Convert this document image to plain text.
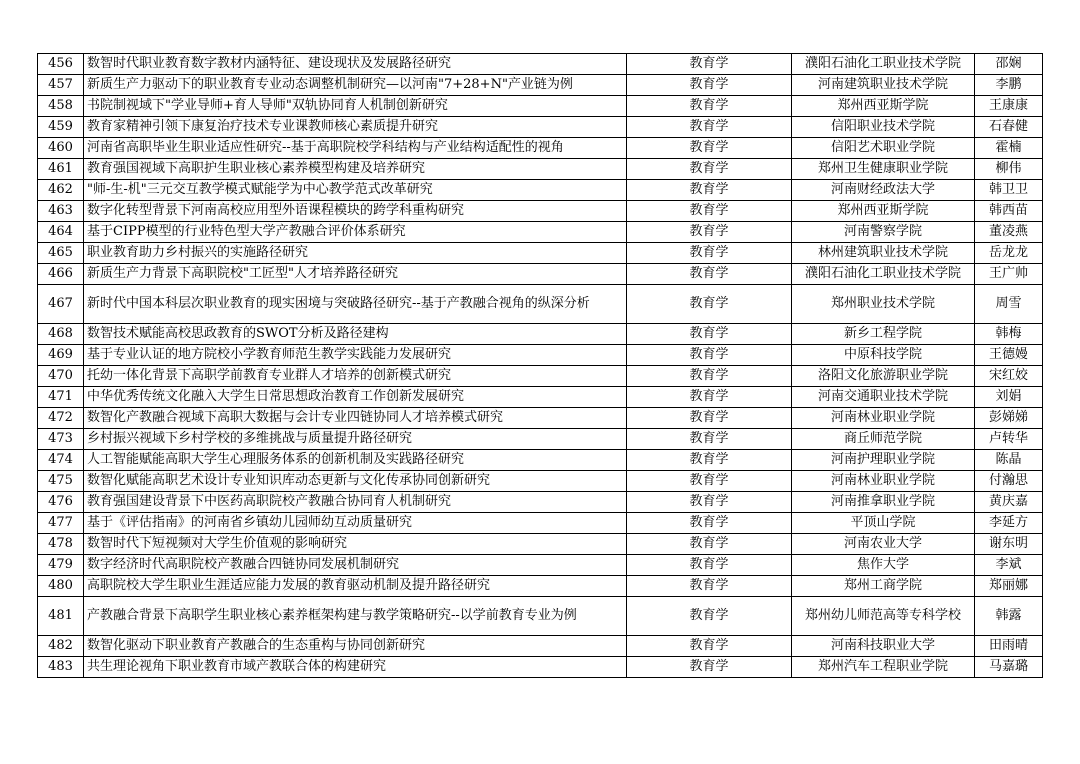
456	数智时代职业教育数字教材内涵特征、建设现状及发展路径研究	教育学	濮阳石油化工职业技术学院	邵娴
457	新质生产力驱动下的职业教育专业动态调整机制研究—以河南"7+28+N"产业链为例	教育学	河南建筑职业技术学院	李鹏
458	书院制视域下"学业导师+育人导师"双轨协同育人机制创新研究	教育学	郑州西亚斯学院	王康康
459	教育家精神引领下康复治疗技术专业课教师核心素质提升研究	教育学	信阳职业技术学院	石春健
460	河南省高职毕业生职业适应性研究--基于高职院校学科结构与产业结构适配性的视角	教育学	信阳艺术职业学院	霍楠
461	教育强国视域下高职护生职业核心素养模型构建及培养研究	教育学	郑州卫生健康职业学院	柳伟
462	"师-生-机"三元交互教学模式赋能学为中心教学范式改革研究	教育学	河南财经政法大学	韩卫卫
463	数字化转型背景下河南高校应用型外语课程模块的跨学科重构研究	教育学	郑州西亚斯学院	韩西苗
464	基于CIPP模型的行业特色型大学产教融合评价体系研究	教育学	河南警察学院	董凌燕
465	职业教育助力乡村振兴的实施路径研究	教育学	林州建筑职业技术学院	岳龙龙
466	新质生产力背景下高职院校"工匠型"人才培养路径研究	教育学	濮阳石油化工职业技术学院	王广帅
467	新时代中国本科层次职业教育的现实困境与突破路径研究--基于产教融合视角的纵深分析	教育学	郑州职业技术学院	周雪
468	数智技术赋能高校思政教育的SWOT分析及路径建构	教育学	新乡工程学院	韩梅
469	基于专业认证的地方院校小学教育师范生教学实践能力发展研究	教育学	中原科技学院	王德嫚
470	托幼一体化背景下高职学前教育专业群人才培养的创新模式研究	教育学	洛阳文化旅游职业学院	宋红姣
471	中华优秀传统文化融入大学生日常思想政治教育工作创新发展研究	教育学	河南交通职业技术学院	刘娟
472	数智化产教融合视域下高职大数据与会计专业四链协同人才培养模式研究	教育学	河南林业职业学院	彭娣娣
473	乡村振兴视域下乡村学校的多维挑战与质量提升路径研究	教育学	商丘师范学院	卢转华
474	人工智能赋能高职大学生心理服务体系的创新机制及实践路径研究	教育学	河南护理职业学院	陈晶
475	数智化赋能高职艺术设计专业知识库动态更新与文化传承协同创新研究	教育学	河南林业职业学院	付瀚思
476	教育强国建设背景下中医药高职院校产教融合协同育人机制研究	教育学	河南推拿职业学院	黄庆嘉
477	基于《评估指南》的河南省乡镇幼儿园师幼互动质量研究	教育学	平顶山学院	李延方
478	数智时代下短视频对大学生价值观的影响研究	教育学	河南农业大学	谢东明
479	数字经济时代高职院校产教融合四链协同发展机制研究	教育学	焦作大学	李斌
480	高职院校大学生职业生涯适应能力发展的教育驱动机制及提升路径研究	教育学	郑州工商学院	郑丽娜
481	产教融合背景下高职学生职业核心素养框架构建与教学策略研究--以学前教育专业为例	教育学	郑州幼儿师范高等专科学校	韩露
482	数智化驱动下职业教育产教融合的生态重构与协同创新研究	教育学	河南科技职业大学	田雨晴
483	共生理论视角下职业教育市域产教联合体的构建研究	教育学	郑州汽车工程职业学院	马嘉璐
